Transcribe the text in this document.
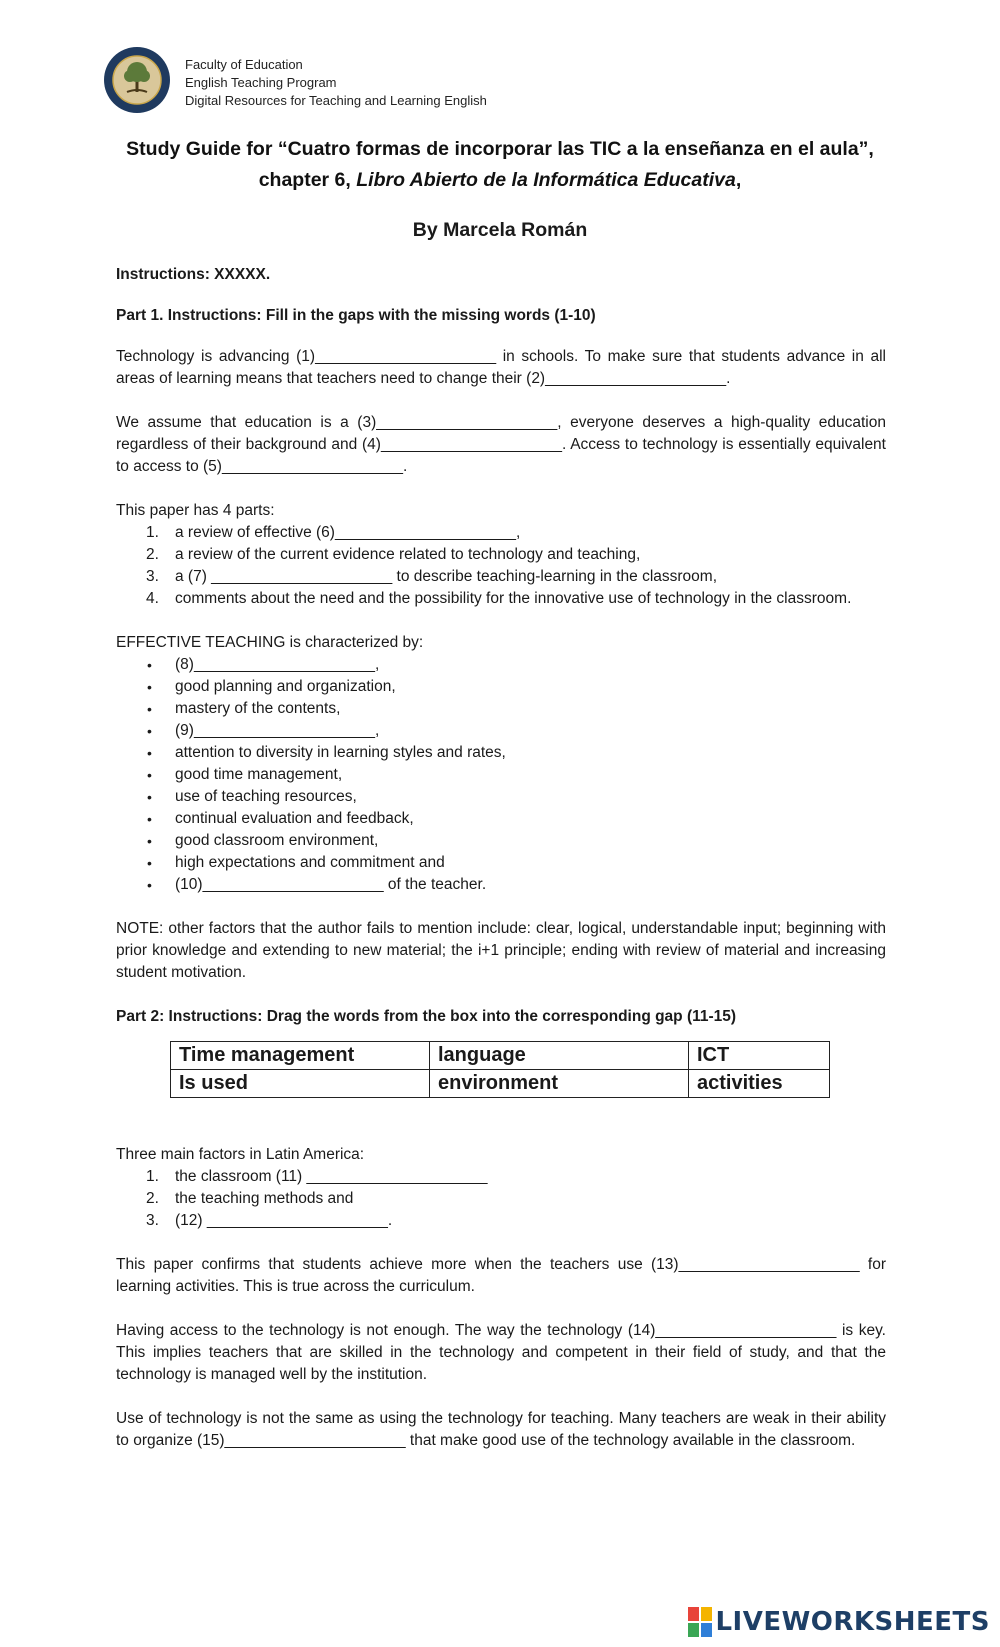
Faculty of Education
English Teaching Program
Digital Resources for Teaching and Learning English
Study Guide for “Cuatro formas de incorporar las TIC a la enseñanza en el aula”,
chapter 6, Libro Abierto de la Informática Educativa,
By Marcela Román

Instructions: XXXXX.

Part 1. Instructions: Fill in the gaps with the missing words (1-10)

Technology is advancing (1)_____________________ in schools. To make sure that students advance in all areas of learning means that teachers need to change their (2)_____________________.

We assume that education is a (3)_____________________, everyone deserves a high-quality education regardless of their background and (4)_____________________. Access to technology is essentially equivalent to access to (5)_____________________.

This paper has 4 parts:

1. a review of effective (6)_____________________,
2. a review of the current evidence related to technology and teaching,
3. a (7) _____________________ to describe teaching-learning in the classroom,
4. comments about the need and the possibility for the innovative use of technology in the classroom.

EFFECTIVE TEACHING is characterized by:

• (8)_____________________,
• good planning and organization,
• mastery of the contents,
• (9)_____________________,
• attention to diversity in learning styles and rates,
• good time management,
• use of teaching resources,
• continual evaluation and feedback,
• good classroom environment,
• high expectations and commitment and
• (10)_____________________ of the teacher.

NOTE: other factors that the author fails to mention include: clear, logical, understandable input; beginning with prior knowledge and extending to new material; the i+1 principle; ending with review of material and increasing student motivation.

Part 2: Instructions: Drag the words from the box into the corresponding gap (11-15)

Time management	language	ICT
Is used	environment	activities

Three main factors in Latin America:

1. the classroom (11) _____________________
2. the teaching methods and
3. (12) _____________________.

This paper confirms that students achieve more when the teachers use (13)_____________________ for learning activities. This is true across the curriculum.

Having access to the technology is not enough. The way the technology (14)_____________________ is key. This implies teachers that are skilled in the technology and competent in their field of study, and that the technology is managed well by the institution.

Use of technology is not the same as using the technology for teaching. Many teachers are weak in their ability to organize (15)_____________________ that make good use of the technology available in the classroom.

LIVEWORKSHEETS
